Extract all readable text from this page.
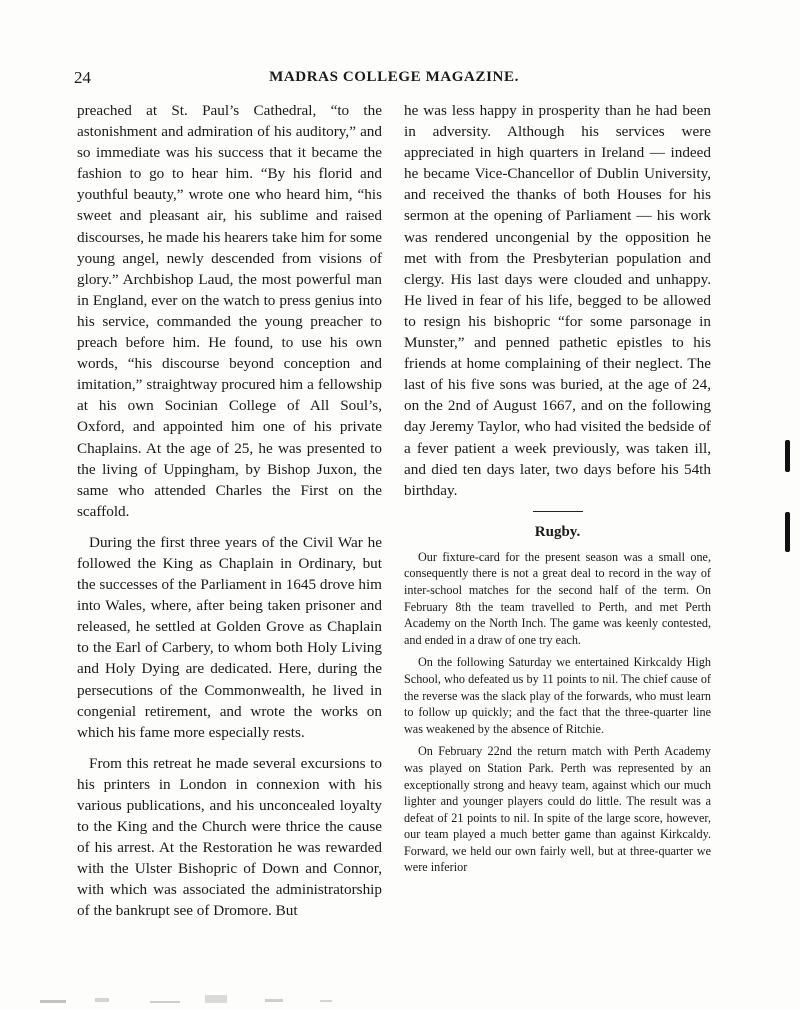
24	MADRAS COLLEGE MAGAZINE.

preached at St. Paul’s Cathedral, “to the astonishment and admiration of his auditory,” and so immediate was his success that it became the fashion to go to hear him. “By his florid and youthful beauty,” wrote one who heard him, “his sweet and pleasant air, his sublime and raised discourses, he made his hearers take him for some young angel, newly descended from visions of glory.” Archbishop Laud, the most powerful man in England, ever on the watch to press genius into his service, commanded the young preacher to preach before him. He found, to use his own words, “his discourse beyond conception and imitation,” straightway procured him a fellowship at his own Socinian College of All Soul’s, Oxford, and appointed him one of his private Chaplains. At the age of 25, he was presented to the living of Uppingham, by Bishop Juxon, the same who attended Charles the First on the scaffold.

During the first three years of the Civil War he followed the King as Chaplain in Ordinary, but the successes of the Parliament in 1645 drove him into Wales, where, after being taken prisoner and released, he settled at Golden Grove as Chaplain to the Earl of Carbery, to whom both Holy Living and Holy Dying are dedicated. Here, during the persecutions of the Commonwealth, he lived in congenial retirement, and wrote the works on which his fame more especially rests.

From this retreat he made several excursions to his printers in London in connexion with his various publications, and his unconcealed loyalty to the King and the Church were thrice the cause of his arrest. At the Restoration he was rewarded with the Ulster Bishopric of Down and Connor, with which was associated the administratorship of the bankrupt see of Dromore. But

he was less happy in prosperity than he had been in adversity. Although his services were appreciated in high quarters in Ireland — indeed he became Vice-Chancellor of Dublin University, and received the thanks of both Houses for his sermon at the opening of Parliament — his work was rendered uncongenial by the opposition he met with from the Presbyterian population and clergy. His last days were clouded and unhappy. He lived in fear of his life, begged to be allowed to resign his bishopric “for some parsonage in Munster,” and penned pathetic epistles to his friends at home complaining of their neglect. The last of his five sons was buried, at the age of 24, on the 2nd of August 1667, and on the following day Jeremy Taylor, who had visited the bedside of a fever patient a week previously, was taken ill, and died ten days later, two days before his 54th birthday.

Rugby.

Our fixture-card for the present season was a small one, consequently there is not a great deal to record in the way of inter-school matches for the second half of the term. On February 8th the team travelled to Perth, and met Perth Academy on the North Inch. The game was keenly contested, and ended in a draw of one try each.

On the following Saturday we entertained Kirkcaldy High School, who defeated us by 11 points to nil. The chief cause of the reverse was the slack play of the forwards, who must learn to follow up quickly; and the fact that the three-quarter line was weakened by the absence of Ritchie.

On February 22nd the return match with Perth Academy was played on Station Park. Perth was represented by an exceptionally strong and heavy team, against which our much lighter and younger players could do little. The result was a defeat of 21 points to nil. In spite of the large score, however, our team played a much better game than against Kirkcaldy. Forward, we held our own fairly well, but at three-quarter we were inferior
